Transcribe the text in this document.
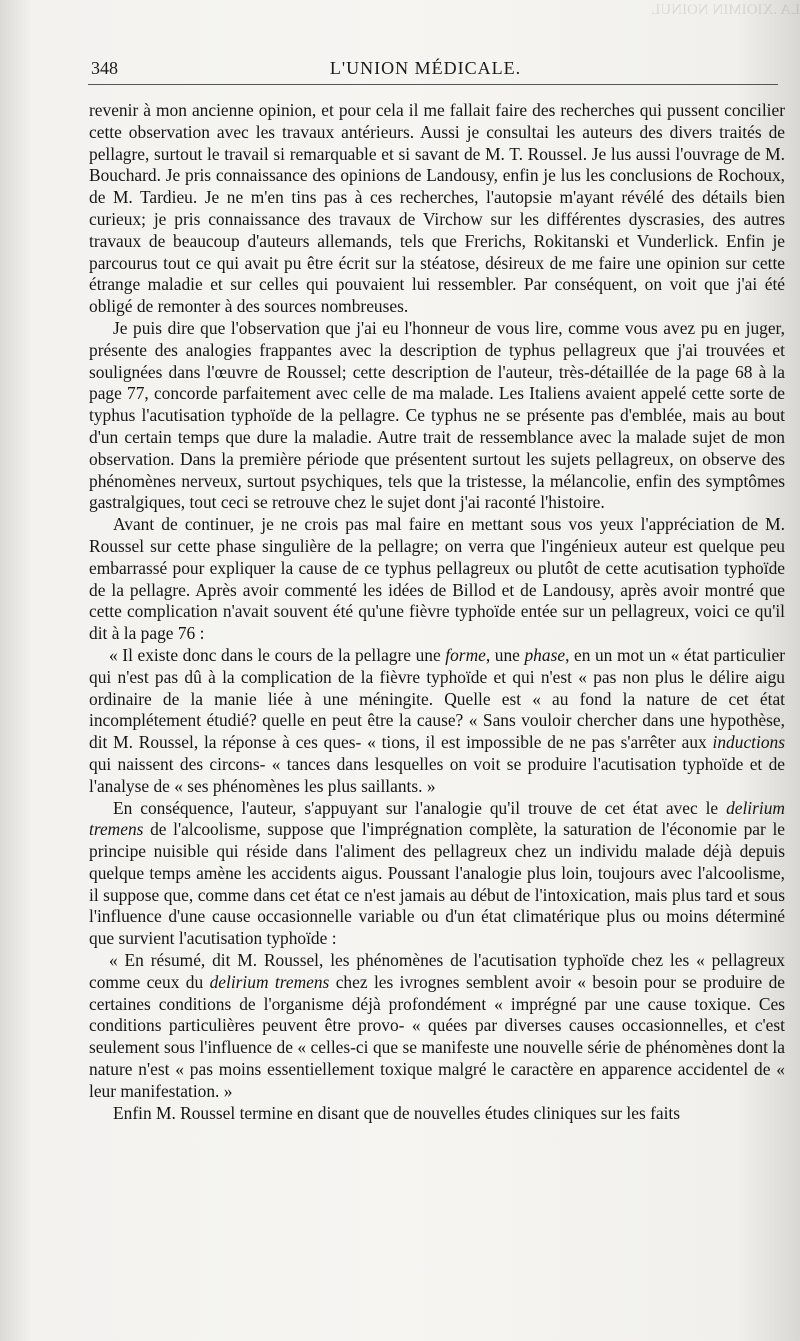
LA .XIOIMIN NOINUL
348	L'UNION MÉDICALE.

revenir à mon ancienne opinion, et pour cela il me fallait faire des recherches qui pussent concilier cette observation avec les travaux antérieurs. Aussi je consultai les auteurs des divers traités de pellagre, surtout le travail si remarquable et si savant de M. T. Roussel. Je lus aussi l'ouvrage de M. Bouchard. Je pris connaissance des opinions de Landousy, enfin je lus les conclusions de Rochoux, de M. Tardieu. Je ne m'en tins pas à ces recherches, l'autopsie m'ayant révélé des détails bien curieux; je pris connaissance des travaux de Virchow sur les différentes dyscrasies, des autres travaux de beaucoup d'auteurs allemands, tels que Frerichs, Rokitanski et Vunderlick. Enfin je parcourus tout ce qui avait pu être écrit sur la stéatose, désireux de me faire une opinion sur cette étrange maladie et sur celles qui pouvaient lui ressembler. Par conséquent, on voit que j'ai été obligé de remonter à des sources nombreuses.

Je puis dire que l'observation que j'ai eu l'honneur de vous lire, comme vous avez pu en juger, présente des analogies frappantes avec la description de typhus pellagreux que j'ai trouvées et soulignées dans l'œuvre de Roussel; cette description de l'auteur, très-détaillée de la page 68 à la page 77, concorde parfaitement avec celle de ma malade. Les Italiens avaient appelé cette sorte de typhus l'acutisation typhoïde de la pellagre. Ce typhus ne se présente pas d'emblée, mais au bout d'un certain temps que dure la maladie. Autre trait de ressemblance avec la malade sujet de mon observation. Dans la première période que présentent surtout les sujets pellagreux, on observe des phénomènes nerveux, surtout psychiques, tels que la tristesse, la mélancolie, enfin des symptômes gastralgiques, tout ceci se retrouve chez le sujet dont j'ai raconté l'histoire.

Avant de continuer, je ne crois pas mal faire en mettant sous vos yeux l'appréciation de M. Roussel sur cette phase singulière de la pellagre; on verra que l'ingénieux auteur est quelque peu embarrassé pour expliquer la cause de ce typhus pellagreux ou plutôt de cette acutisation typhoïde de la pellagre. Après avoir commenté les idées de Billod et de Landousy, après avoir montré que cette complication n'avait souvent été qu'une fièvre typhoïde entée sur un pellagreux, voici ce qu'il dit à la page 76 :

« Il existe donc dans le cours de la pellagre une forme, une phase, en un mot un « état particulier qui n'est pas dû à la complication de la fièvre typhoïde et qui n'est « pas non plus le délire aigu ordinaire de la manie liée à une méningite. Quelle est « au fond la nature de cet état incomplétement étudié? quelle en peut être la cause? « Sans vouloir chercher dans une hypothèse, dit M. Roussel, la réponse à ces ques- « tions, il est impossible de ne pas s'arrêter aux inductions qui naissent des circons- « tances dans lesquelles on voit se produire l'acutisation typhoïde et de l'analyse de « ses phénomènes les plus saillants. »

En conséquence, l'auteur, s'appuyant sur l'analogie qu'il trouve de cet état avec le delirium tremens de l'alcoolisme, suppose que l'imprégnation complète, la saturation de l'économie par le principe nuisible qui réside dans l'aliment des pellagreux chez un individu malade déjà depuis quelque temps amène les accidents aigus. Poussant l'analogie plus loin, toujours avec l'alcoolisme, il suppose que, comme dans cet état ce n'est jamais au début de l'intoxication, mais plus tard et sous l'influence d'une cause occasionnelle variable ou d'un état climatérique plus ou moins déterminé que survient l'acutisation typhoïde :

« En résumé, dit M. Roussel, les phénomènes de l'acutisation typhoïde chez les « pellagreux comme ceux du delirium tremens chez les ivrognes semblent avoir « besoin pour se produire de certaines conditions de l'organisme déjà profondément « imprégné par une cause toxique. Ces conditions particulières peuvent être provo- « quées par diverses causes occasionnelles, et c'est seulement sous l'influence de « celles-ci que se manifeste une nouvelle série de phénomènes dont la nature n'est « pas moins essentiellement toxique malgré le caractère en apparence accidentel de « leur manifestation. »

Enfin M. Roussel termine en disant que de nouvelles études cliniques sur les faits
